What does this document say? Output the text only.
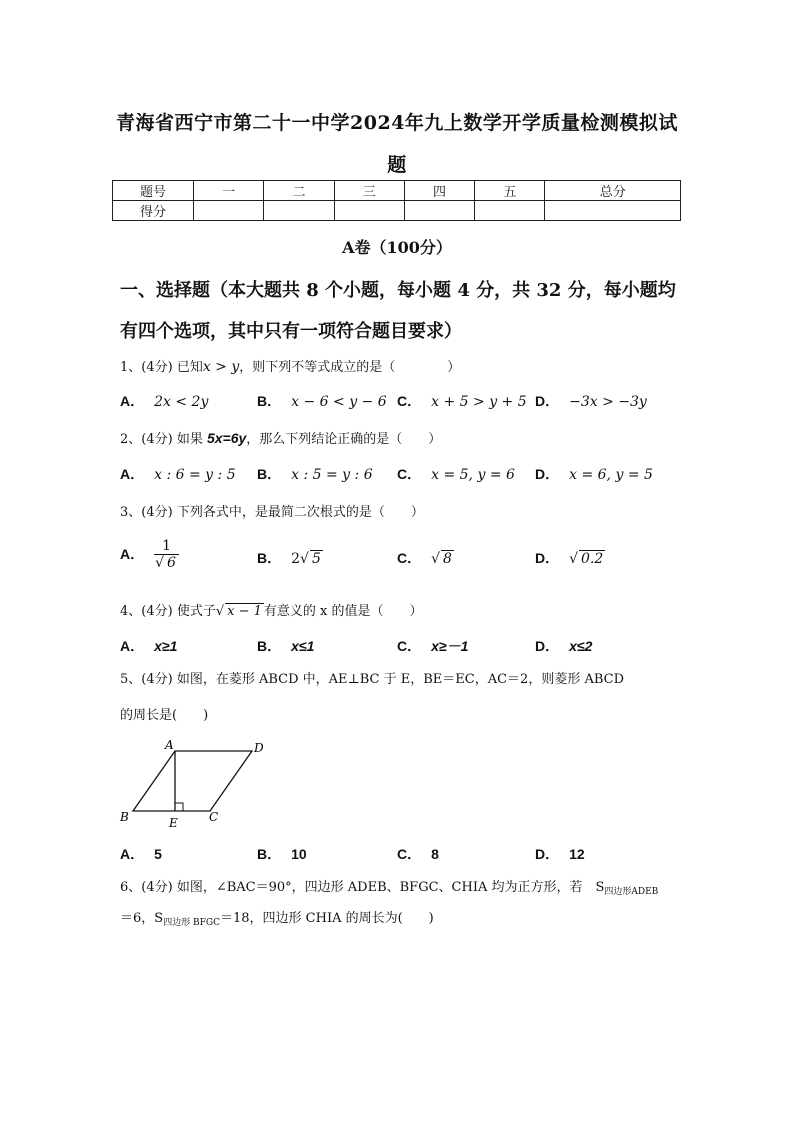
青海省西宁市第二十一中学2024年九上数学开学质量检测模拟试
题
题号	一	二	三	四	五	总分
得分						
A卷（100分）
一、选择题（本大题共 8 个小题，每小题 4 分，共 32 分，每小题均
有四个选项，其中只有一项符合题目要求）
1、(4分) 已知x > y，则下列不等式成立的是（　　　　）
A． 2x < 2y	B． x − 6 < y − 6 C． x + 5 > y + 5 D． −3x > −3y
2、(4分) 如果 5x=6y，那么下列结论正确的是（　　）
A． x : 6 = y : 5 B． x : 5 = y : 6 C． x = 5, y = 6 D． x = 6, y = 5
3、(4分) 下列各式中，是最简二次根式的是（　　）
A． $\frac{1}{√ 6}$	B． 2√ 5	C． √ 8	D． √ 0.2
4、(4分) 使式子√ x − 1 有意义的 x 的值是（　　）
A． x≥1	B． x≤1	C． x≥－1	D． x≤2
5、(4分) 如图，在菱形 ABCD 中，AE⊥BC 于 E，BE＝EC，AC＝2，则菱形 ABCD
的周长是(　　)
A	D
B	C
E
A． 5	B． 10	C． 8	D． 12
6、(4分) 如图，∠BAC＝90°，四边形 ADEB、BFGC、CHIA 均为正方形，若　$S_{四边形ADEB}$
＝6，$S_{四边形 BFGC}=18$，四边形 CHIA 的周长为(　　)
